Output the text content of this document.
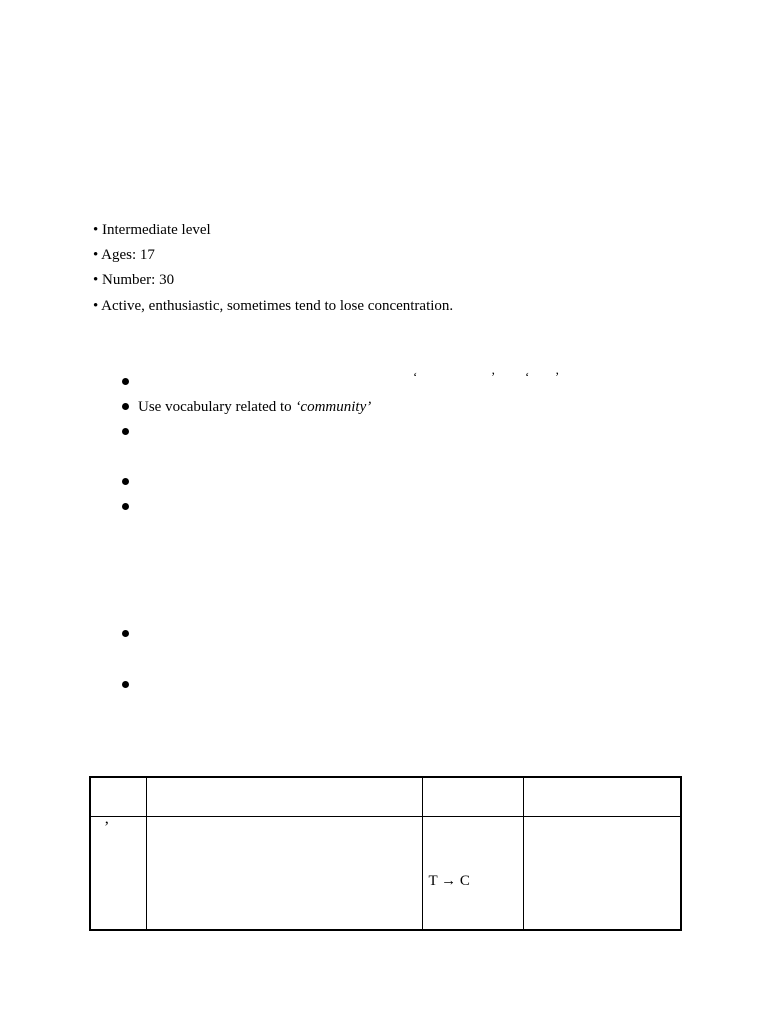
• Intermediate level
• Ages: 17
• Number: 30
• Active, enthusiastic, sometimes tend to lose concentration.
‘	’ ‘ ’
Use vocabulary related to ‘community’

’		T → C	
